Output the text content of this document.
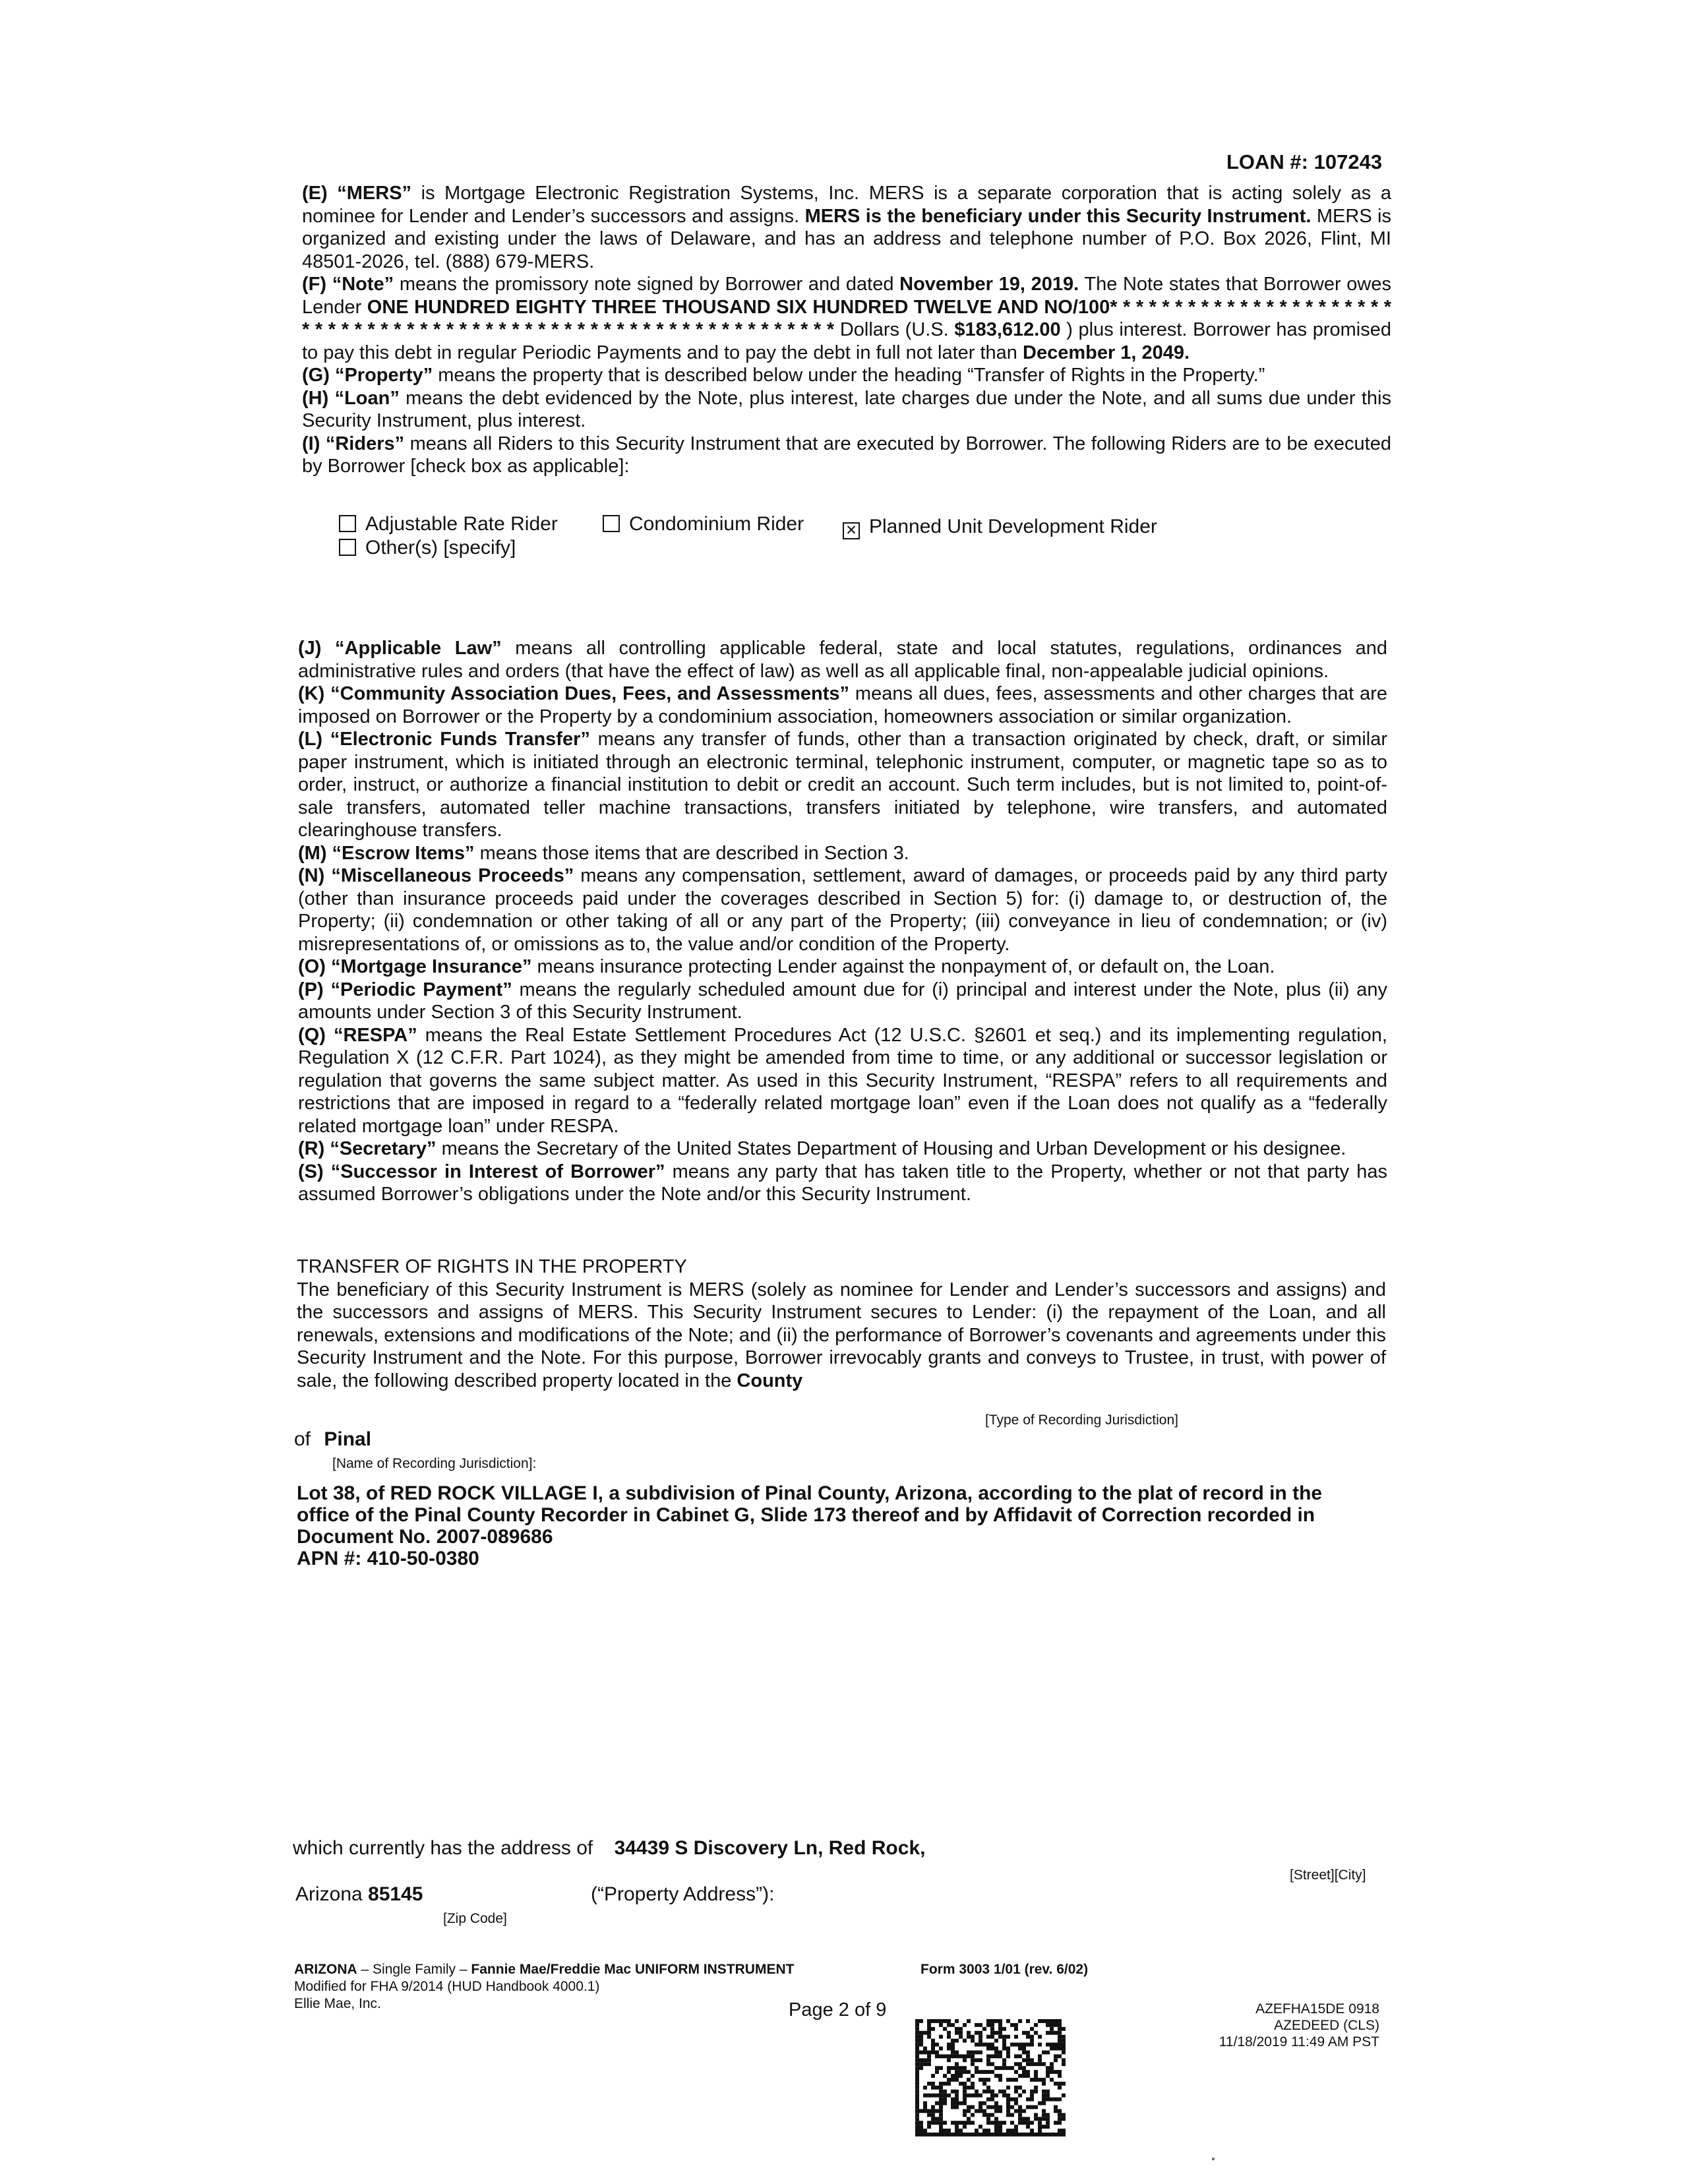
LOAN #: 107243

(E) “MERS” is Mortgage Electronic Registration Systems, Inc. MERS is a separate corporation that is acting solely as a nominee for Lender and Lender’s successors and assigns. MERS is the beneficiary under this Security Instrument. MERS is organized and existing under the laws of Delaware, and has an address and telephone number of P.O. Box 2026, Flint, MI 48501-2026, tel. (888) 679-MERS.

(F) “Note” means the promissory note signed by Borrower and dated November 19, 2019. The Note states that Borrower owes Lender ONE HUNDRED EIGHTY THREE THOUSAND SIX HUNDRED TWELVE AND NO/100* * * * * * * * * * * * * * * * * * * * * * * * * * * * * * * * * * * * * * * * * * * * * * * * * * * * * * * * * * * * * * * Dollars (U.S. $183,612.00 ) plus interest. Borrower has promised to pay this debt in regular Periodic Payments and to pay the debt in full not later than December 1, 2049.

(G) “Property” means the property that is described below under the heading “Transfer of Rights in the Property.”

(H) “Loan” means the debt evidenced by the Note, plus interest, late charges due under the Note, and all sums due under this Security Instrument, plus interest.

(I) “Riders” means all Riders to this Security Instrument that are executed by Borrower. The following Riders are to be executed by Borrower [check box as applicable]:

Adjustable Rate Rider	Condominium Rider	✕ Planned Unit Development Rider
Other(s) [specify]

(J) “Applicable Law” means all controlling applicable federal, state and local statutes, regulations, ordinances and administrative rules and orders (that have the effect of law) as well as all applicable final, non-appealable judicial opinions.

(K) “Community Association Dues, Fees, and Assessments” means all dues, fees, assessments and other charges that are imposed on Borrower or the Property by a condominium association, homeowners association or similar organization.

(L) “Electronic Funds Transfer” means any transfer of funds, other than a transaction originated by check, draft, or similar paper instrument, which is initiated through an electronic terminal, telephonic instrument, computer, or magnetic tape so as to order, instruct, or authorize a financial institution to debit or credit an account. Such term includes, but is not limited to, point-of-sale transfers, automated teller machine transactions, transfers initiated by telephone, wire transfers, and automated clearinghouse transfers.

(M) “Escrow Items” means those items that are described in Section 3.

(N) “Miscellaneous Proceeds” means any compensation, settlement, award of damages, or proceeds paid by any third party (other than insurance proceeds paid under the coverages described in Section 5) for: (i) damage to, or destruction of, the Property; (ii) condemnation or other taking of all or any part of the Property; (iii) conveyance in lieu of condemnation; or (iv) misrepresentations of, or omissions as to, the value and/or condition of the Property.

(O) “Mortgage Insurance” means insurance protecting Lender against the nonpayment of, or default on, the Loan.

(P) “Periodic Payment” means the regularly scheduled amount due for (i) principal and interest under the Note, plus (ii) any amounts under Section 3 of this Security Instrument.

(Q) “RESPA” means the Real Estate Settlement Procedures Act (12 U.S.C. §2601 et seq.) and its implementing regulation, Regulation X (12 C.F.R. Part 1024), as they might be amended from time to time, or any additional or successor legislation or regulation that governs the same subject matter. As used in this Security Instrument, “RESPA” refers to all requirements and restrictions that are imposed in regard to a “federally related mortgage loan” even if the Loan does not qualify as a “federally related mortgage loan” under RESPA.

(R) “Secretary” means the Secretary of the United States Department of Housing and Urban Development or his designee.

(S) “Successor in Interest of Borrower” means any party that has taken title to the Property, whether or not that party has assumed Borrower’s obligations under the Note and/or this Security Instrument.

TRANSFER OF RIGHTS IN THE PROPERTY

The beneficiary of this Security Instrument is MERS (solely as nominee for Lender and Lender’s successors and assigns) and the successors and assigns of MERS. This Security Instrument secures to Lender: (i) the repayment of the Loan, and all renewals, extensions and modifications of the Note; and (ii) the performance of Borrower’s covenants and agreements under this Security Instrument and the Note. For this purpose, Borrower irrevocably grants and conveys to Trustee, in trust, with power of sale, the following described property located in the County

[Type of Recording Jurisdiction]
of Pinal
[Name of Recording Jurisdiction]:
Lot 38, of RED ROCK VILLAGE I, a subdivision of Pinal County, Arizona, according to the plat of record in the office of the Pinal County Recorder in Cabinet G, Slide 173 thereof and by Affidavit of Correction recorded in Document No. 2007-089686
APN #: 410-50-0380
which currently has the address of 34439 S Discovery Ln, Red Rock,
[Street][City]
Arizona 85145	(“Property Address”):
[Zip Code]
ARIZONA – Single Family – Fannie Mae/Freddie Mac UNIFORM INSTRUMENT	Form 3003 1/01 (rev. 6/02)
Modified for FHA 9/2014 (HUD Handbook 4000.1)
Ellie Mae, Inc.	Page 2 of 9	AZEFHA15DE 0918
AZEDEED (CLS)
11/18/2019 11:49 AM PST
